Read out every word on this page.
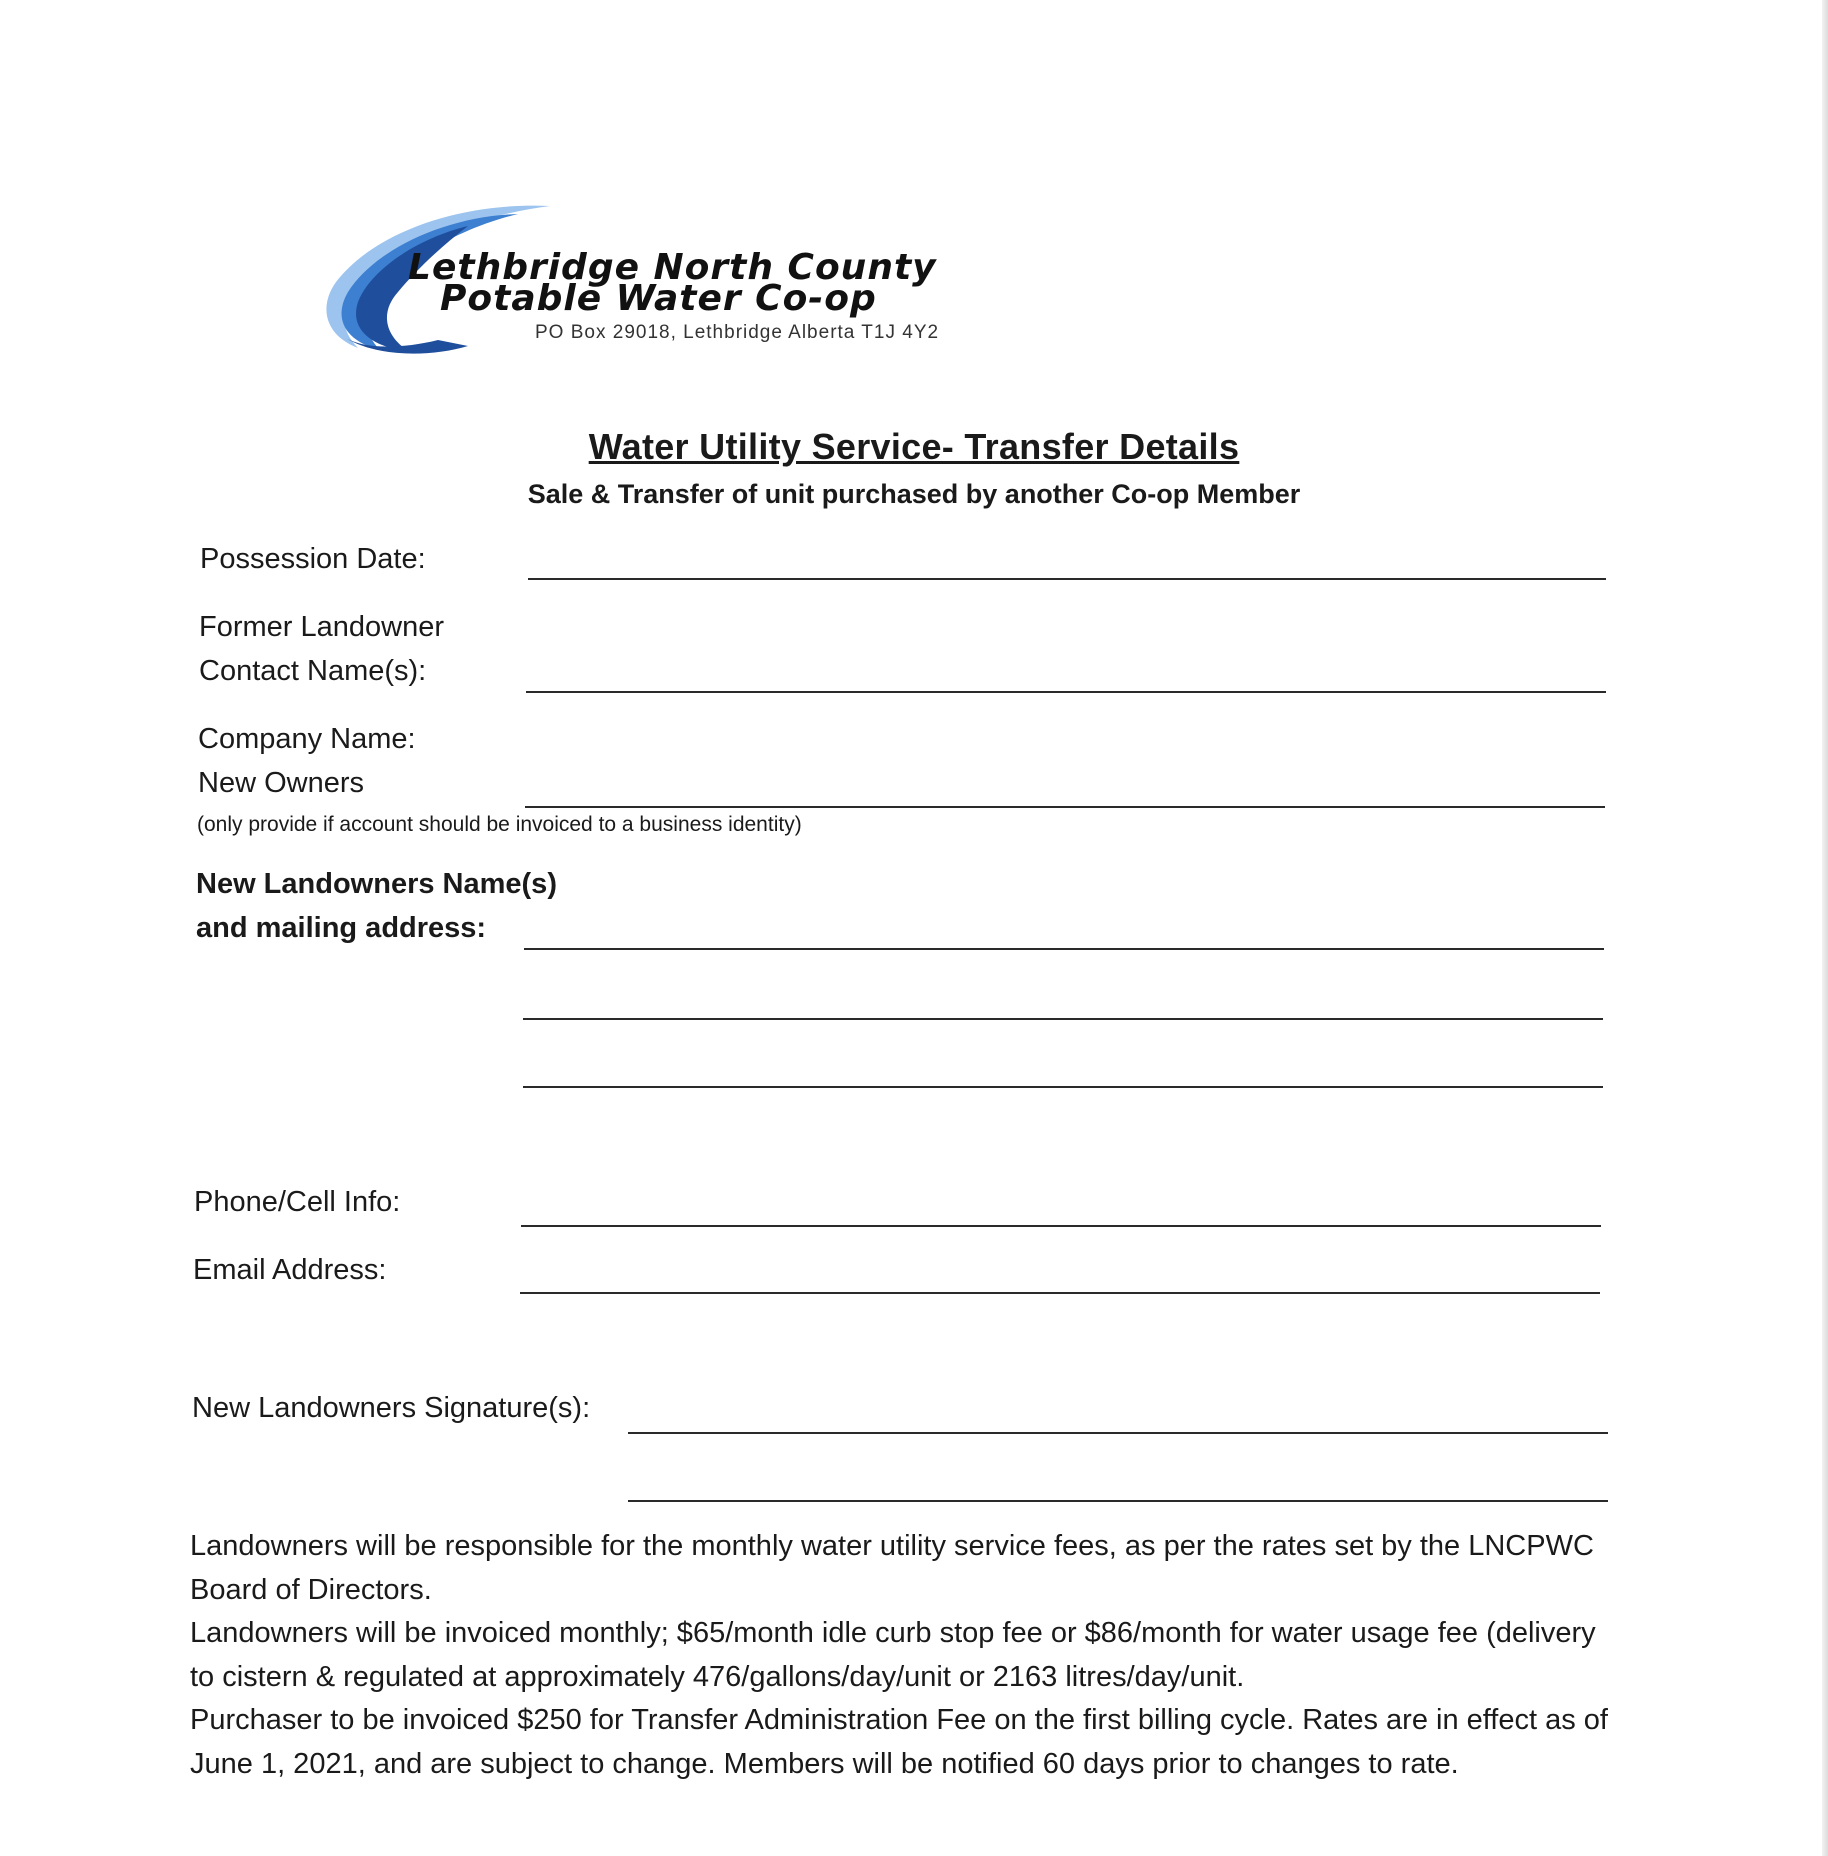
Lethbridge North County
Potable Water Co-op
PO Box 29018, Lethbridge Alberta T1J 4Y2
Water Utility Service- Transfer Details
Sale & Transfer of unit purchased by another Co-op Member
Possession Date:
Former Landowner
Contact Name(s):
Company Name:
New Owners
(only provide if account should be invoiced to a business identity)
New Landowners Name(s)
and mailing address:
Phone/Cell Info:
Email Address:
New Landowners Signature(s):

Landowners will be responsible for the monthly water utility service fees, as per the rates set by the LNCPWC Board of Directors.

Landowners will be invoiced monthly; $65/month idle curb stop fee or $86/month for water usage fee (delivery to cistern & regulated at approximately 476/gallons/day/unit or 2163 litres/day/unit.

Purchaser to be invoiced $250 for Transfer Administration Fee on the first billing cycle. Rates are in effect as of June 1, 2021, and are subject to change. Members will be notified 60 days prior to changes to rate.
